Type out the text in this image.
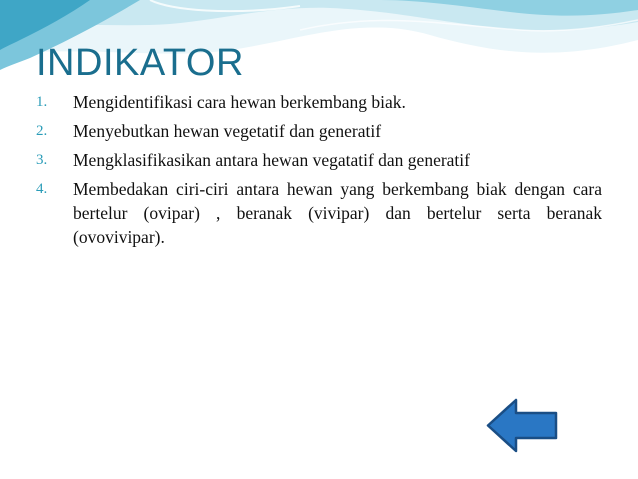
INDIKATOR
1. Mengidentifikasi cara hewan berkembang biak.
2. Menyebutkan hewan vegetatif dan generatif
3. Mengklasifikasikan antara hewan vegatatif dan generatif
4. Membedakan ciri-ciri antara hewan yang berkembang biak dengan cara bertelur (ovipar) , beranak (vivipar) dan bertelur serta beranak (ovovivipar).
